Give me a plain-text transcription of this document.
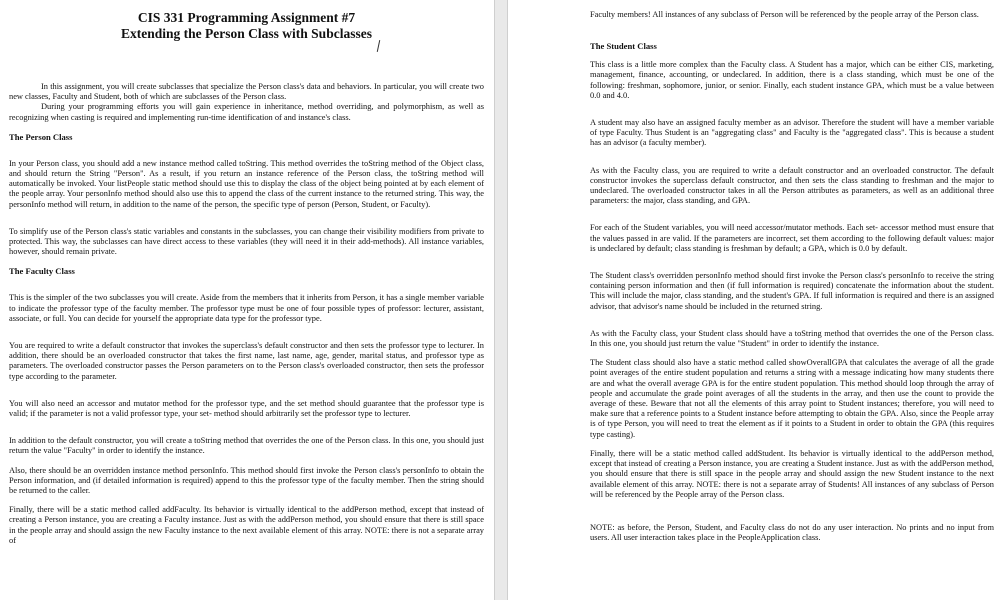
CIS 331 Programming Assignment #7
Extending the Person Class with Subclasses

In this assignment, you will create subclasses that specialize the Person class's data and behaviors. In particular, you will create two new classes, Faculty and Student, both of which are subclasses of the Person class.

During your programming efforts you will gain experience in inheritance, method overriding, and polymorphism, as well as recognizing when casting is required and implementing run-time identification of and instance's class.

The Person Class

In your Person class, you should add a new instance method called toString. This method overrides the toString method of the Object class, and should return the String "Person". As a result, if you return an instance reference of the Person class, the toString method will automatically be invoked. Your listPeople static method should use this to display the class of the object being pointed at by each element of the people array. Your personInfo method should also use this to append the class of the current instance to the returned string. This way, the personInfo method will return, in addition to the name of the person, the specific type of person (Person, Student, or Faculty).

To simplify use of the Person class's static variables and constants in the subclasses, you can change their visibility modifiers from private to protected. This way, the subclasses can have direct access to these variables (they will need it in their add-methods). All instance variables, however, should remain private.

The Faculty Class

This is the simpler of the two subclasses you will create. Aside from the members that it inherits from Person, it has a single member variable to indicate the professor type of the faculty member. The professor type must be one of four possible types of professor: lecturer, assistant, associate, or full. You can decide for yourself the appropriate data type for the professor type.

You are required to write a default constructor that invokes the superclass's default constructor and then sets the professor type to lecturer. In addition, there should be an overloaded constructor that takes the first name, last name, age, gender, marital status, and professor type as parameters. The overloaded constructor passes the Person parameters on to the Person class's overloaded constructor, then sets the professor type according to the parameter.

You will also need an accessor and mutator method for the professor type, and the set method should guarantee that the professor type is valid; if the parameter is not a valid professor type, your set- method should arbitrarily set the professor type to lecturer.

In addition to the default constructor, you will create a toString method that overrides the one of the Person class. In this one, you should just return the value "Faculty" in order to identify the instance.

Also, there should be an overridden instance method personInfo. This method should first invoke the Person class's personInfo to obtain the Person information, and (if detailed information is required) append to this the professor type of the faculty member. Then the string should be returned to the caller.

Finally, there will be a static method called addFaculty. Its behavior is virtually identical to the addPerson method, except that instead of creating a Person instance, you are creating a Faculty instance. Just as with the addPerson method, you should ensure that there is still space in the people array and should assign the new Faculty instance to the next available element of this array. NOTE: there is not a separate array of

Faculty members! All instances of any subclass of Person will be referenced by the people array of the Person class.

The Student Class

This class is a little more complex than the Faculty class. A Student has a major, which can be either CIS, marketing, management, finance, accounting, or undeclared. In addition, there is a class standing, which must be one of the following: freshman, sophomore, junior, or senior. Finally, each student instance GPA, which must be a value between 0.0 and 4.0.

A student may also have an assigned faculty member as an advisor. Therefore the student will have a member variable of type Faculty. Thus Student is an "aggregating class" and Faculty is the "aggregated class". This is because a student has an advisor (a faculty member).

As with the Faculty class, you are required to write a default constructor and an overloaded constructor. The default constructor invokes the superclass default constructor, and then sets the class standing to freshman and the major to undeclared. The overloaded constructor takes in all the Person attributes as parameters, as well as an additional three parameters: the major, class standing, and GPA.

For each of the Student variables, you will need accessor/mutator methods. Each set- accessor method must ensure that the values passed in are valid. If the parameters are incorrect, set them according to the following default values: major is undeclared by default; class standing is freshman by default; a GPA, which is 0.0 by default.

The Student class's overridden personInfo method should first invoke the Person class's personInfo to receive the string containing person information and then (if full information is required) concatenate the information about the student. This will include the major, class standing, and the student's GPA. If full information is required and there is an assigned advisor, that advisor's name should be included in the returned string.

As with the Faculty class, your Student class should have a toString method that overrides the one of the Person class. In this one, you should just return the value "Student" in order to identify the instance.

The Student class should also have a static method called showOverallGPA that calculates the average of all the grade point averages of the entire student population and returns a string with a message indicating how many students there are and what the overall average GPA is for the entire student population. This method should loop through the array of people and accumulate the grade point averages of all the students in the array, and then use the count to provide the average of these. Beware that not all the elements of this array point to Student instances; therefore, you will need to make sure that a reference points to a Student instance before attempting to obtain the GPA. Also, since the People array is of type Person, you will need to treat the element as if it points to a Student in order to obtain the GPA (this requires type casting).

Finally, there will be a static method called addStudent. Its behavior is virtually identical to the addPerson method, except that instead of creating a Person instance, you are creating a Student instance. Just as with the addPerson method, you should ensure that there is still space in the people array and should assign the new Student instance to the next available element of this array. NOTE: there is not a separate array of Students! All instances of any subclass of Person will be referenced by the People array of the Person class.

NOTE: as before, the Person, Student, and Faculty class do not do any user interaction. No prints and no input from users. All user interaction takes place in the PeopleApplication class.
